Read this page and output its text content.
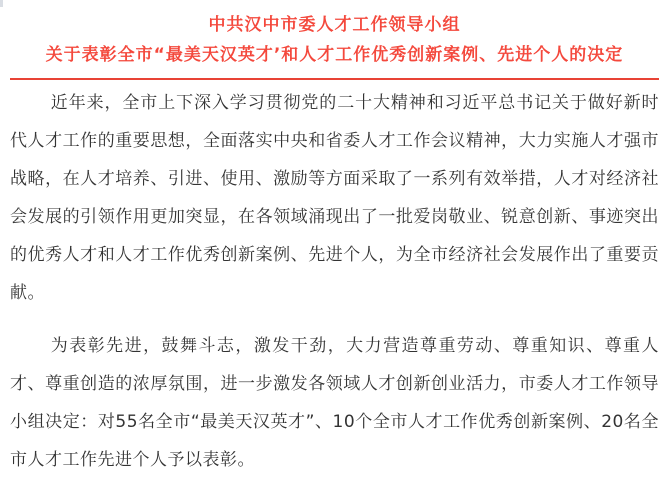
中共汉中市委人才工作领导小组
关于表彰全市“最美天汉英才’和人才工作优秀创新案例、先进个人的决定

近年来，全市上下深入学习贯彻党的二十大精神和习近平总书记关于做好新时代人才工作的重要思想，全面落实中央和省委人才工作会议精神，大力实施人才强市战略，在人才培养、引进、使用、激励等方面采取了一系列有效举措，人才对经济社会发展的引领作用更加突显，在各领域涌现出了一批爱岗敬业、锐意创新、事迹突出的优秀人才和人才工作优秀创新案例、先进个人，为全市经济社会发展作出了重要贡献。

为表彰先进，鼓舞斗志，激发干劲，大力营造尊重劳动、尊重知识、尊重人才、尊重创造的浓厚氛围，进一步激发各领域人才创新创业活力，市委人才工作领导小组决定：对55名全市“最美天汉英才”、10个全市人才工作优秀创新案例、20名全市人才工作先进个人予以表彰。
